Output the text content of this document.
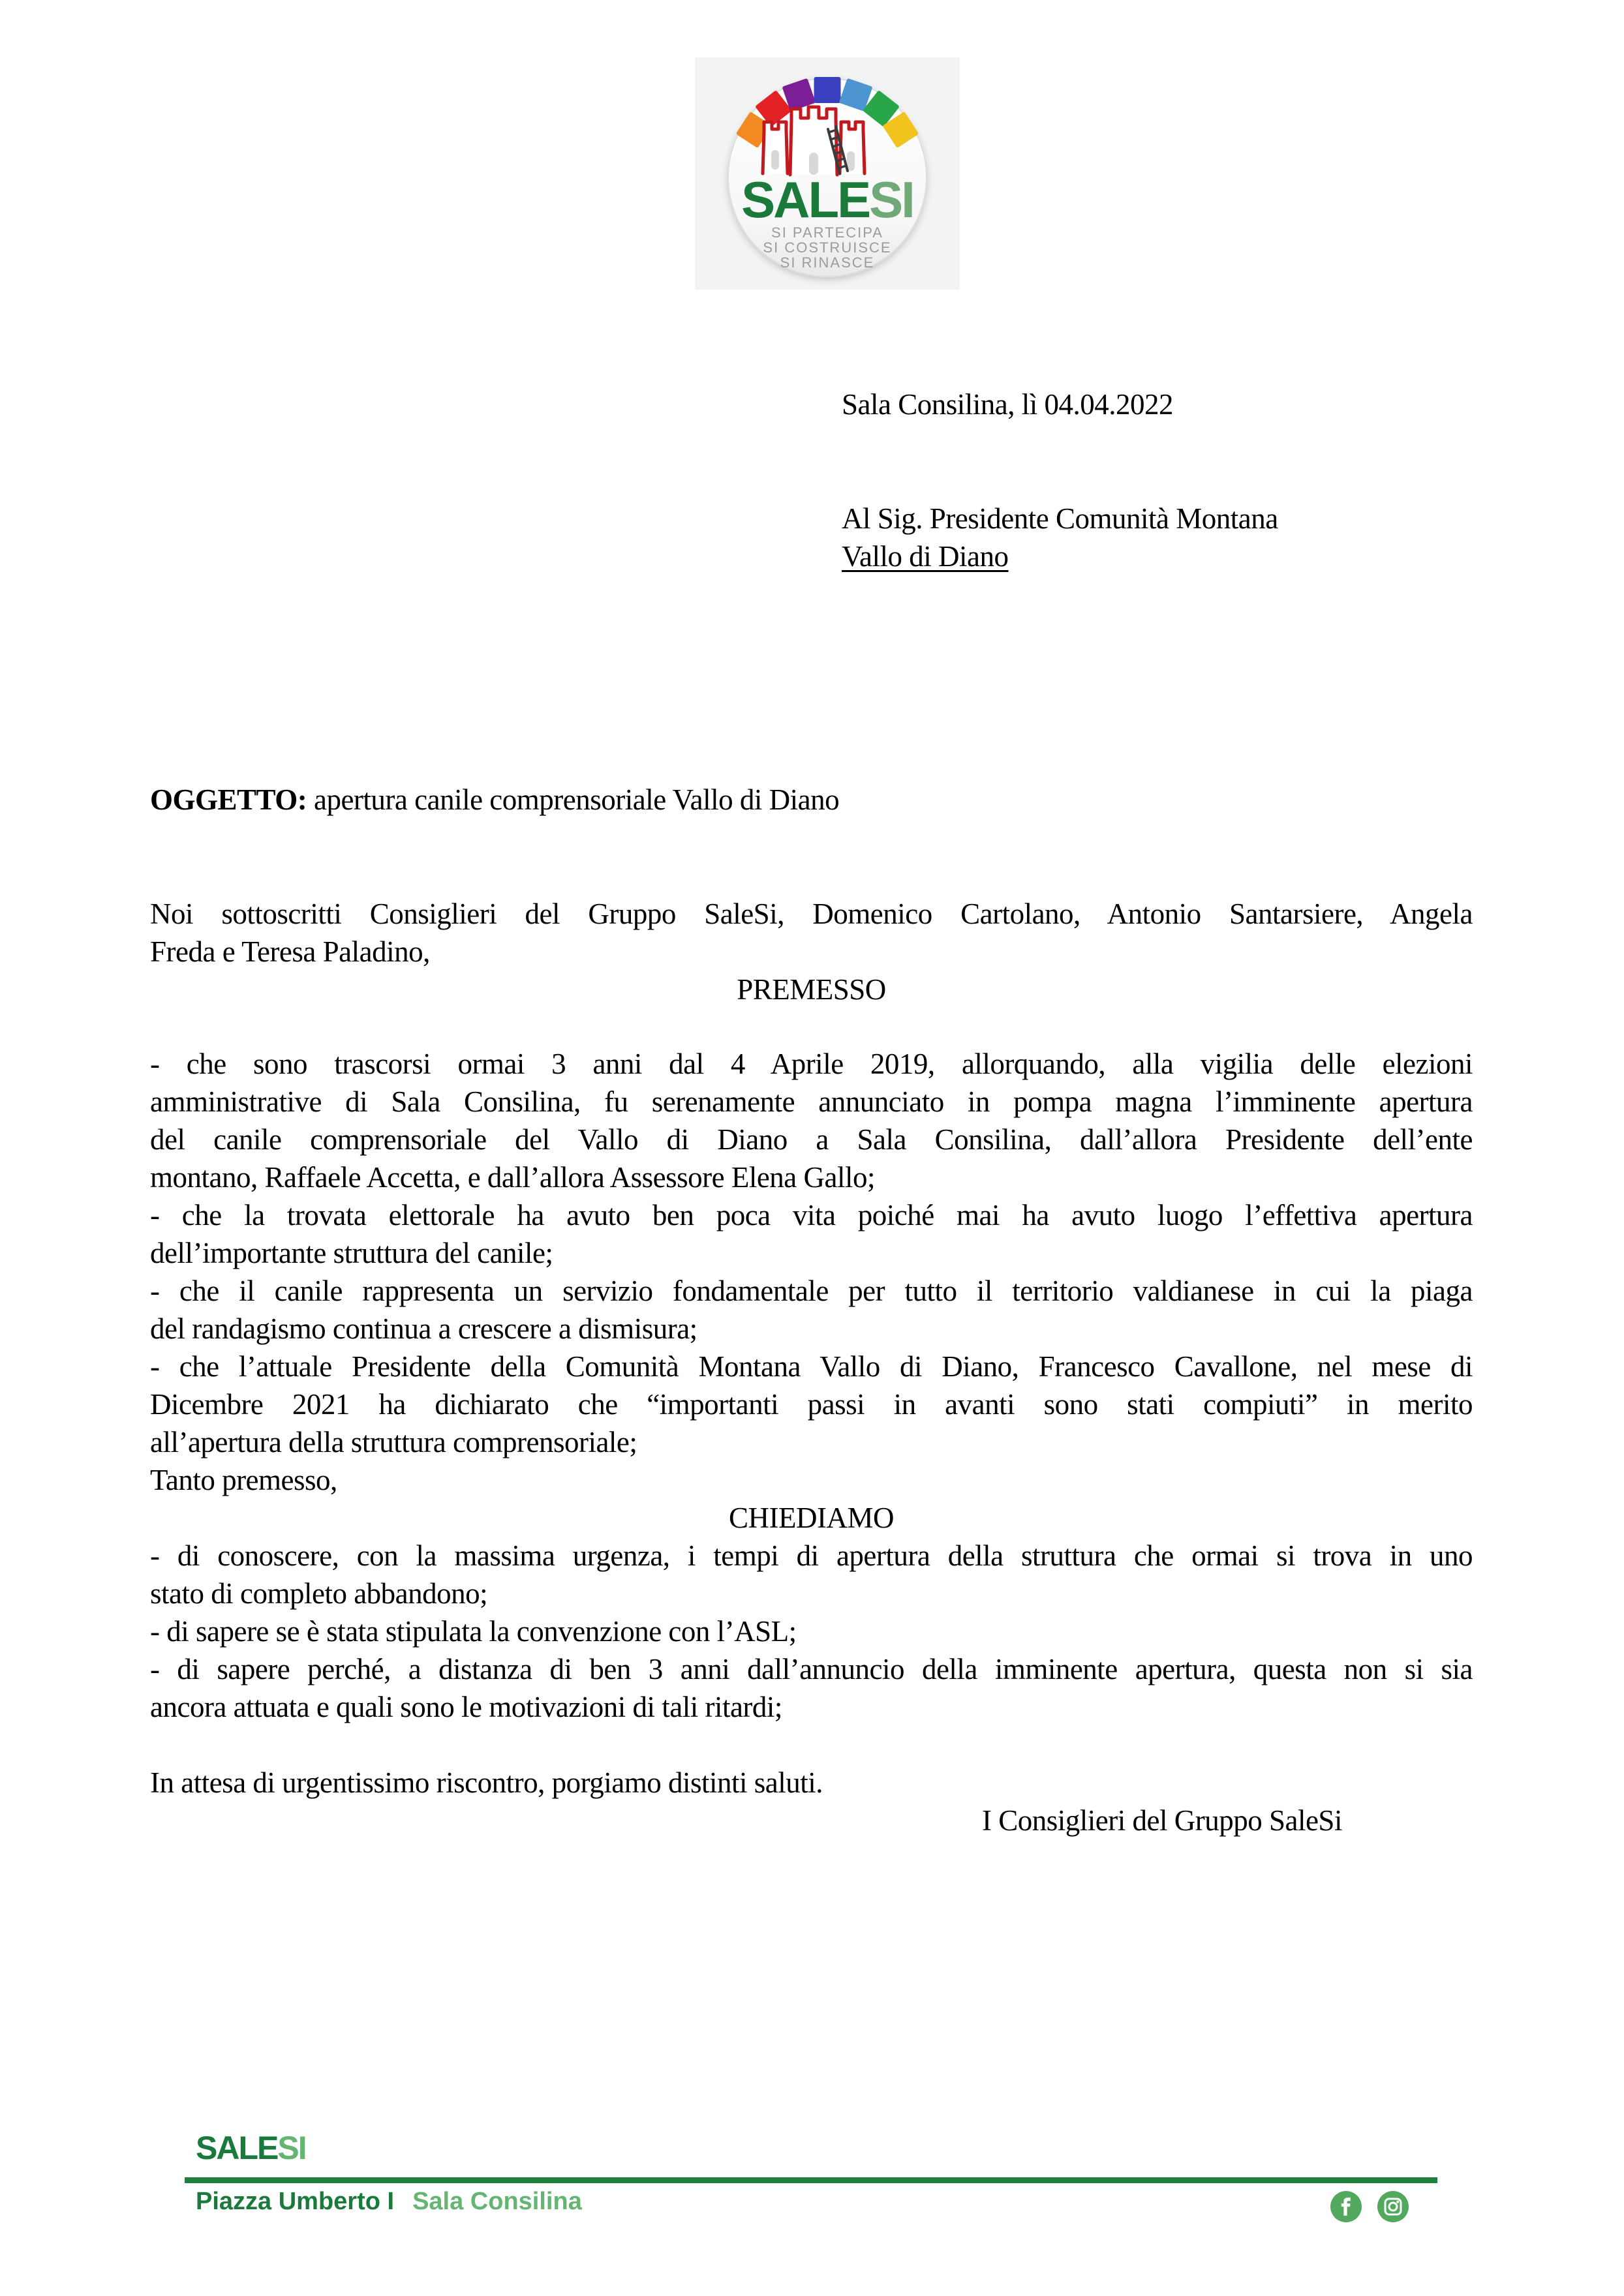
SALESI
SI PARTECIPA
SI COSTRUISCE
SI RINASCE
Sala Consilina, lì 04.04.2022
Al Sig. Presidente Comunità Montana
Vallo di Diano
OGGETTO: apertura canile comprensoriale Vallo di Diano
Noi sottoscritti Consiglieri del Gruppo SaleSi, Domenico Cartolano, Antonio Santarsiere, Angela
Freda e Teresa Paladino,
PREMESSO
- che sono trascorsi ormai 3 anni dal 4 Aprile 2019, allorquando, alla vigilia delle elezioni
amministrative di Sala Consilina, fu serenamente annunciato in pompa magna l’imminente apertura
del canile comprensoriale del Vallo di Diano a Sala Consilina, dall’allora Presidente dell’ente
montano, Raffaele Accetta, e dall’allora Assessore Elena Gallo;
- che la trovata elettorale ha avuto ben poca vita poiché mai ha avuto luogo l’effettiva apertura
dell’importante struttura del canile;
- che il canile rappresenta un servizio fondamentale per tutto il territorio valdianese in cui la piaga
del randagismo continua a crescere a dismisura;
- che l’attuale Presidente della Comunità Montana Vallo di Diano, Francesco Cavallone, nel mese di
Dicembre 2021 ha dichiarato che “importanti passi in avanti sono stati compiuti” in merito
all’apertura della struttura comprensoriale;
Tanto premesso,
CHIEDIAMO
- di conoscere, con la massima urgenza, i tempi di apertura della struttura che ormai si trova in uno
stato di completo abbandono;
- di sapere se è stata stipulata la convenzione con l’ASL;
- di sapere perché, a distanza di ben 3 anni dall’annuncio della imminente apertura, questa non si sia
ancora attuata e quali sono le motivazioni di tali ritardi;
In attesa di urgentissimo riscontro, porgiamo distinti saluti.
I Consiglieri del Gruppo SaleSi
SALESI
Piazza Umberto I Sala Consilina
